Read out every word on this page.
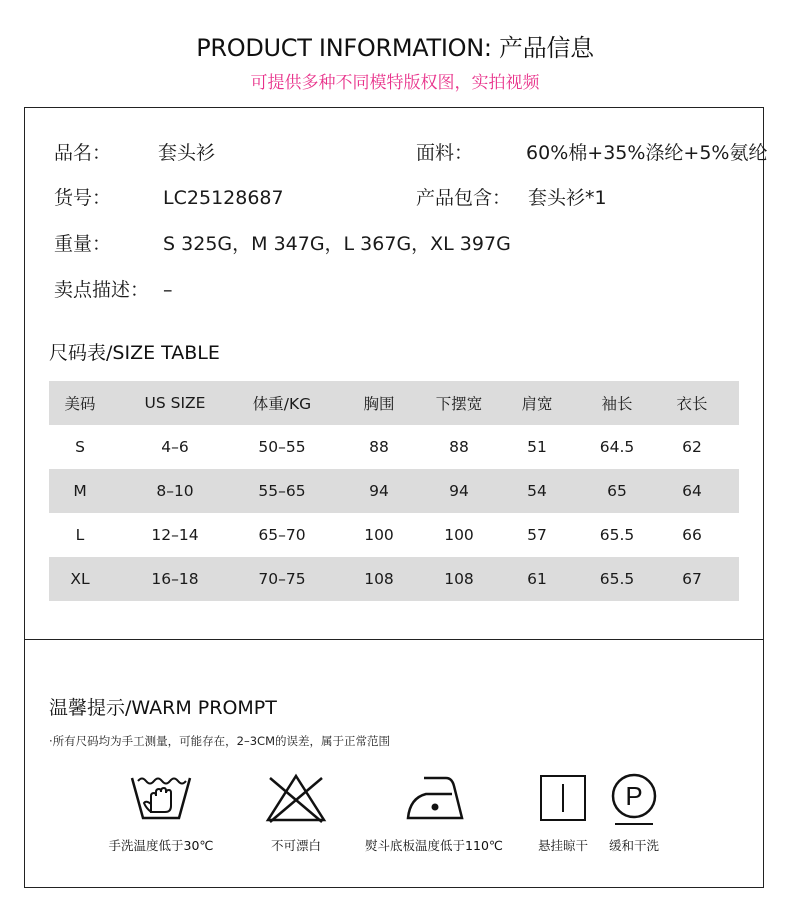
PRODUCT INFORMATION: 产品信息
可提供多种不同模特版权图，实拍视频
品名： 套头衫	面料：	60%棉+35%涤纶+5%氨纶
货号：	LC25128687	产品包含： 套头衫*1
重量：	S 325G，M 347G，L 367G，XL 397G
卖点描述： –
尺码表/SIZE TABLE
美码	US SIZE	体重/KG	胸围	下摆宽	肩宽	袖长	衣长
S	4–6	50–55	88	88	51	64.5	62
M	8–10	55–65	94	94	54	65	64
L	12–14	65–70	100	100	57	65.5	66
XL	16–18	70–75	108	108	61	65.5	67
温馨提示/WARM PROMPT
·所有尺码均为手工测量，可能存在，2–3CM的误差，属于正常范围
手洗温度低于30℃	不可漂白	熨斗底板温度低于110℃	悬挂晾干
P
缓和干洗
